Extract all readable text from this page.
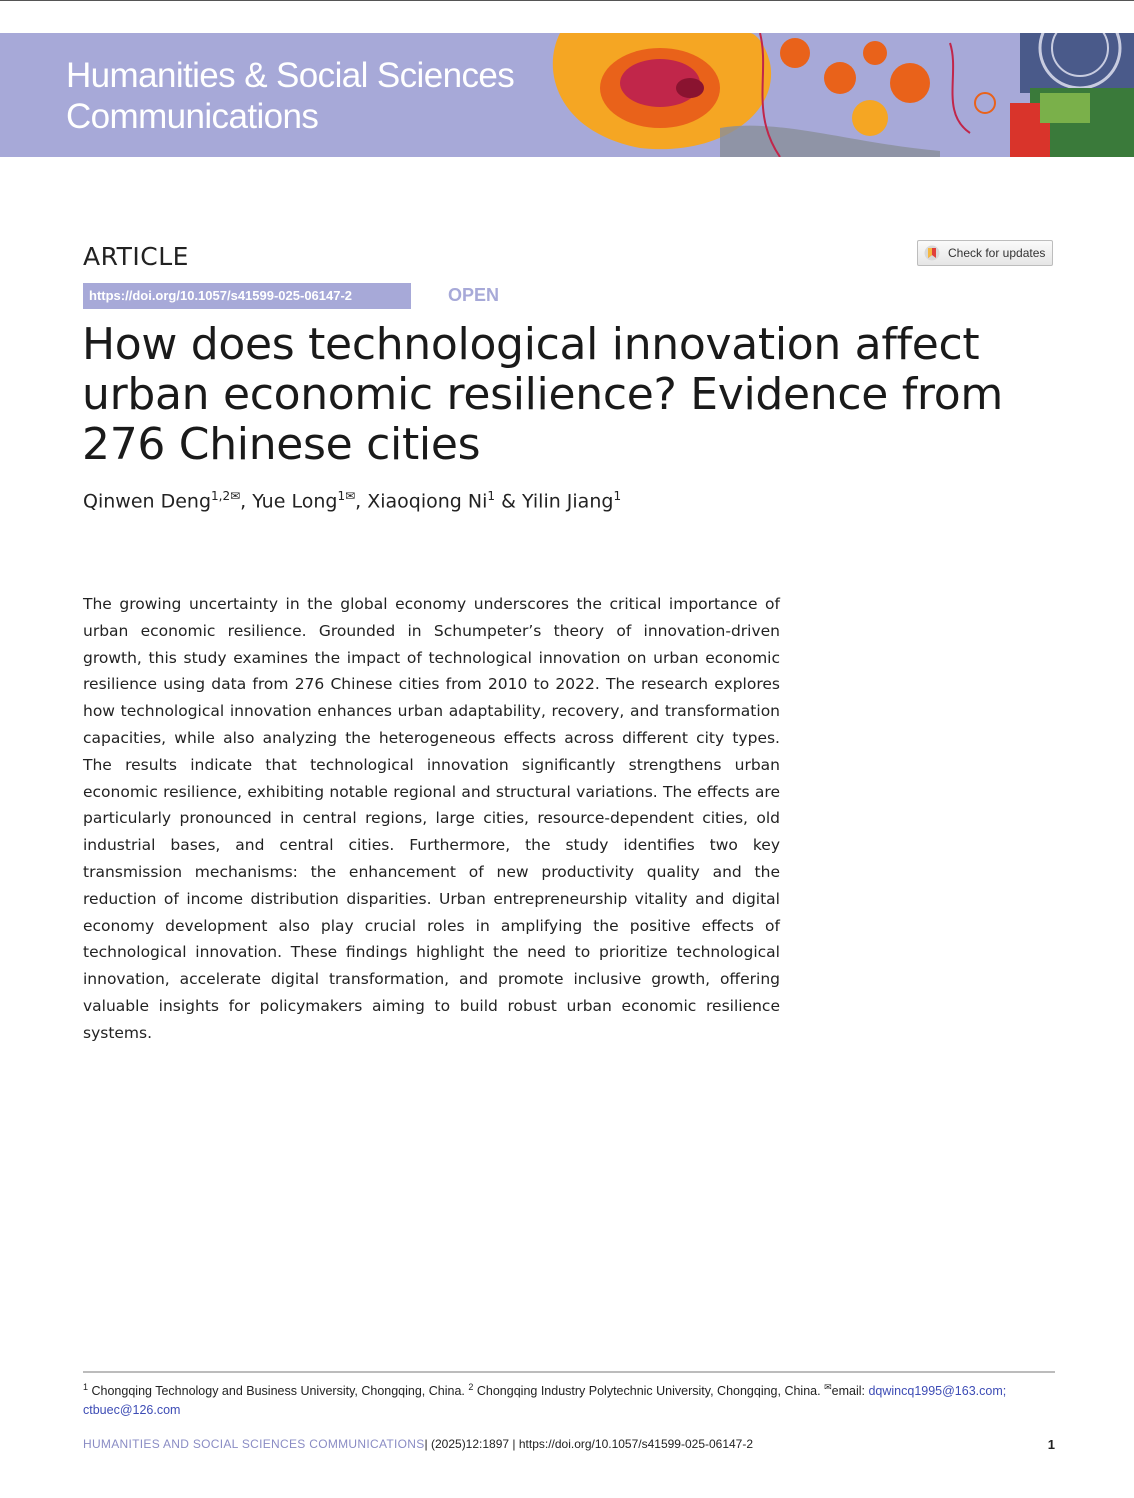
Humanities & Social Sciences
Communications
ARTICLE	Check for updates
https://doi.org/10.1057/s41599-025-06147-2	OPEN
How does technological innovation affect urban economic resilience? Evidence from 276 Chinese cities
Qinwen Deng$^{1,2✉}$, Yue Long$^{1✉}$, Xiaoqiong Ni$^1$ & Yilin Jiang$^1$

The growing uncertainty in the global economy underscores the critical importance of urban economic resilience. Grounded in Schumpeter’s theory of innovation-driven growth, this study examines the impact of technological innovation on urban economic resilience using data from 276 Chinese cities from 2010 to 2022. The research explores how technological innovation enhances urban adaptability, recovery, and transformation capacities, while also analyzing the heterogeneous effects across different city types. The results indicate that technological innovation significantly strengthens urban economic resilience, exhibiting notable regional and structural variations. The effects are particularly pronounced in central regions, large cities, resource-dependent cities, old industrial bases, and central cities. Furthermore, the study identifies two key transmission mechanisms: the enhancement of new productivity quality and the reduction of income distribution disparities. Urban entrepreneurship vitality and digital economy development also play crucial roles in amplifying the positive effects of technological innovation. These findings highlight the need to prioritize technological innovation, accelerate digital transformation, and promote inclusive growth, offering valuable insights for policymakers aiming to build robust urban economic resilience systems.

$^1$ Chongqing Technology and Business University, Chongqing, China. $^2$ Chongqing Industry Polytechnic University, Chongqing, China. ✉email: dqwincq1995@163.com;
ctbuec@126.com
HUMANITIES AND SOCIAL SCIENCES COMMUNICATIONS| (2025)12:1897 | https://doi.org/10.1057/s41599-025-06147-2	1
